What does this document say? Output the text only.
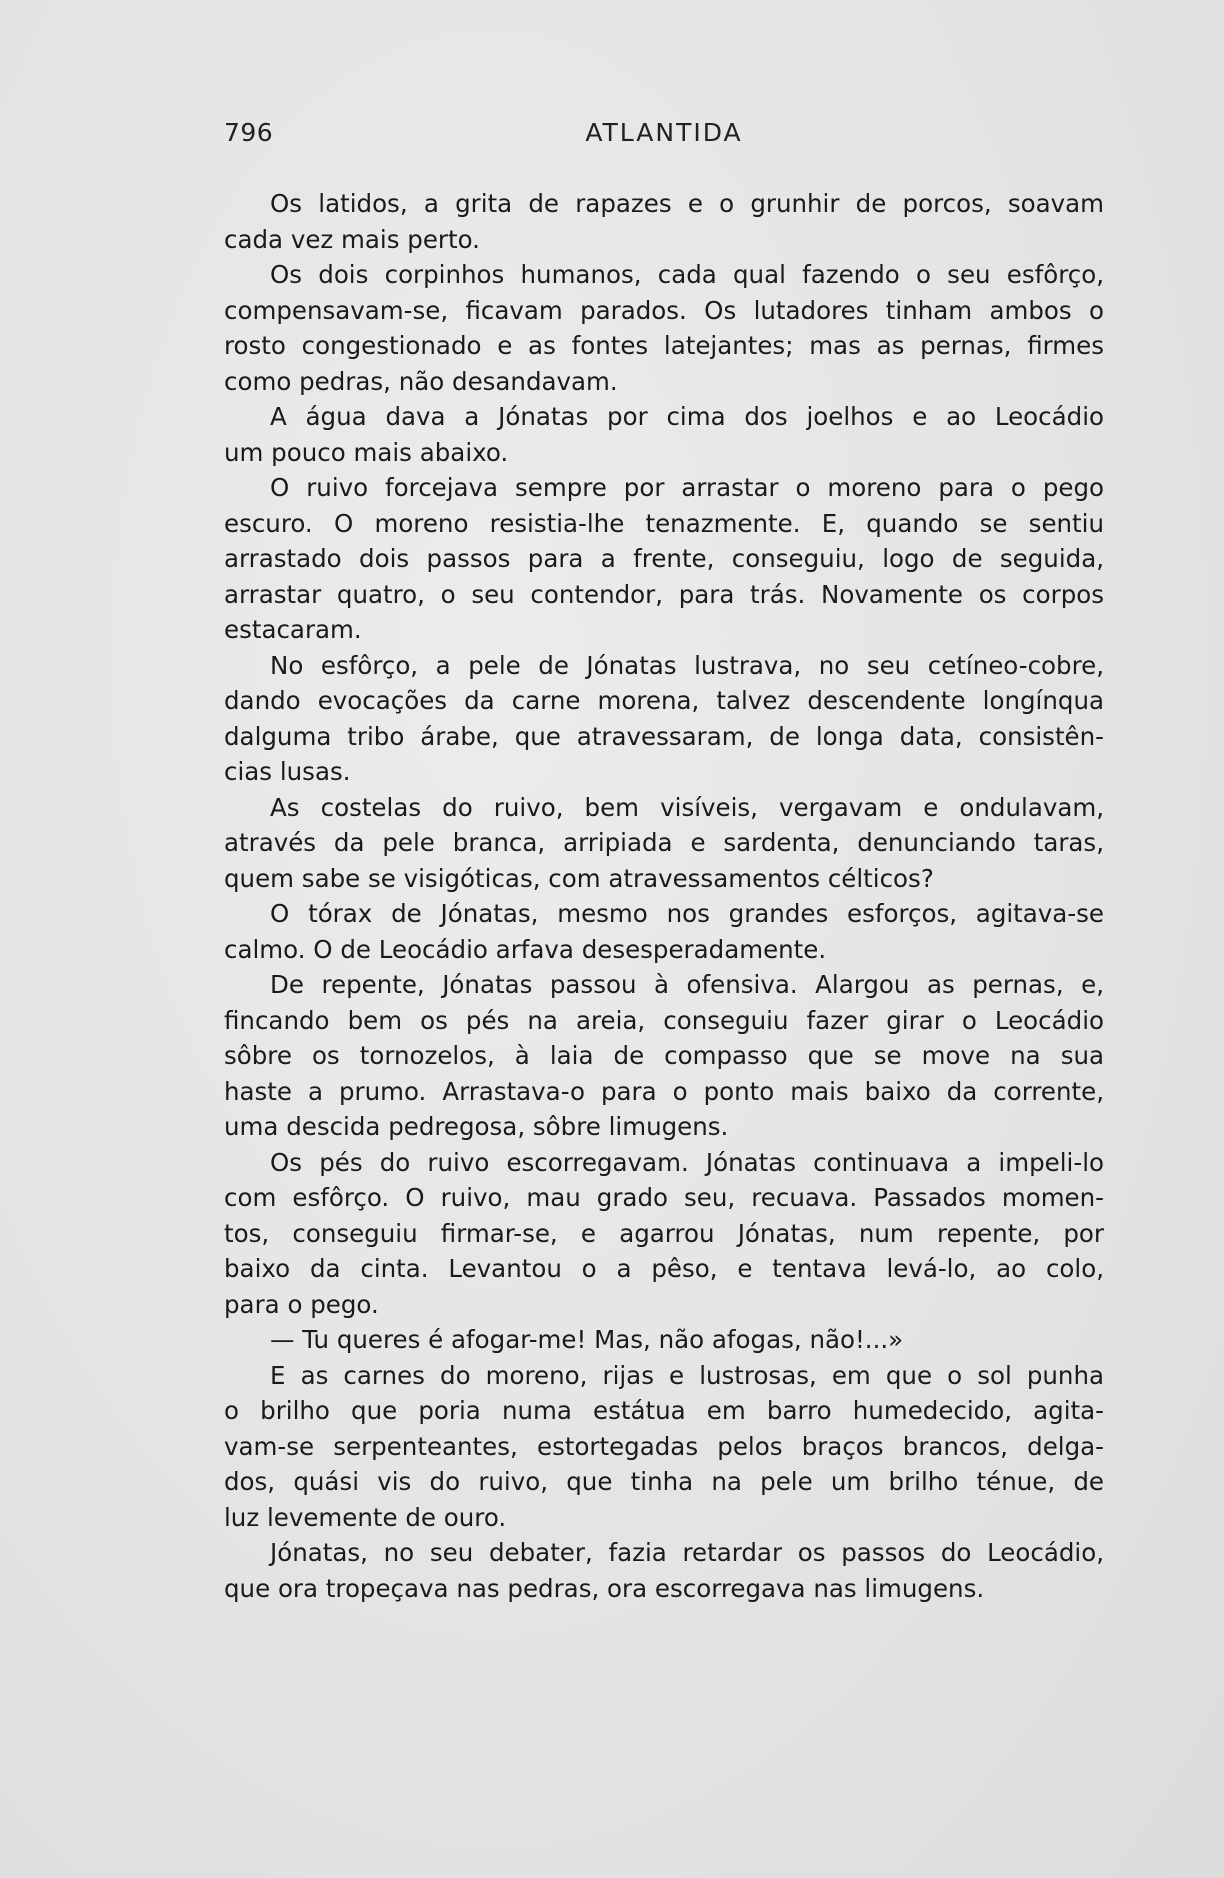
796	ATLANTIDA
Os latidos, a grita de rapazes e o grunhir de porcos, soavam
cada vez mais perto.
Os dois corpinhos humanos, cada qual fazendo o seu esfôrço,
compensavam-se, ficavam parados. Os lutadores tinham ambos o
rosto congestionado e as fontes latejantes; mas as pernas, firmes
como pedras, não desandavam.
A água dava a Jónatas por cima dos joelhos e ao Leocádio
um pouco mais abaixo.
O ruivo forcejava sempre por arrastar o moreno para o pego
escuro. O moreno resistia-lhe tenazmente. E, quando se sentiu
arrastado dois passos para a frente, conseguiu, logo de seguida,
arrastar quatro, o seu contendor, para trás. Novamente os corpos
estacaram.
No esfôrço, a pele de Jónatas lustrava, no seu cetíneo-cobre,
dando evocações da carne morena, talvez descendente longínqua
dalguma tribo árabe, que atravessaram, de longa data, consistên-
cias lusas.
As costelas do ruivo, bem visíveis, vergavam e ondulavam,
através da pele branca, arripiada e sardenta, denunciando taras,
quem sabe se visigóticas, com atravessamentos célticos?
O tórax de Jónatas, mesmo nos grandes esforços, agitava-se
calmo. O de Leocádio arfava desesperadamente.
De repente, Jónatas passou à ofensiva. Alargou as pernas, e,
fincando bem os pés na areia, conseguiu fazer girar o Leocádio
sôbre os tornozelos, à laia de compasso que se move na sua
haste a prumo. Arrastava-o para o ponto mais baixo da corrente,
uma descida pedregosa, sôbre limugens.
Os pés do ruivo escorregavam. Jónatas continuava a impeli-lo
com esfôrço. O ruivo, mau grado seu, recuava. Passados momen-
tos, conseguiu firmar-se, e agarrou Jónatas, num repente, por
baixo da cinta. Levantou o a pêso, e tentava levá-lo, ao colo,
para o pego.
— Tu queres é afogar-me! Mas, não afogas, não!...»
E as carnes do moreno, rijas e lustrosas, em que o sol punha
o brilho que poria numa estátua em barro humedecido, agita-
vam-se serpenteantes, estortegadas pelos braços brancos, delga-
dos, quási vis do ruivo, que tinha na pele um brilho ténue, de
luz levemente de ouro.
Jónatas, no seu debater, fazia retardar os passos do Leocádio,
que ora tropeçava nas pedras, ora escorregava nas limugens.
